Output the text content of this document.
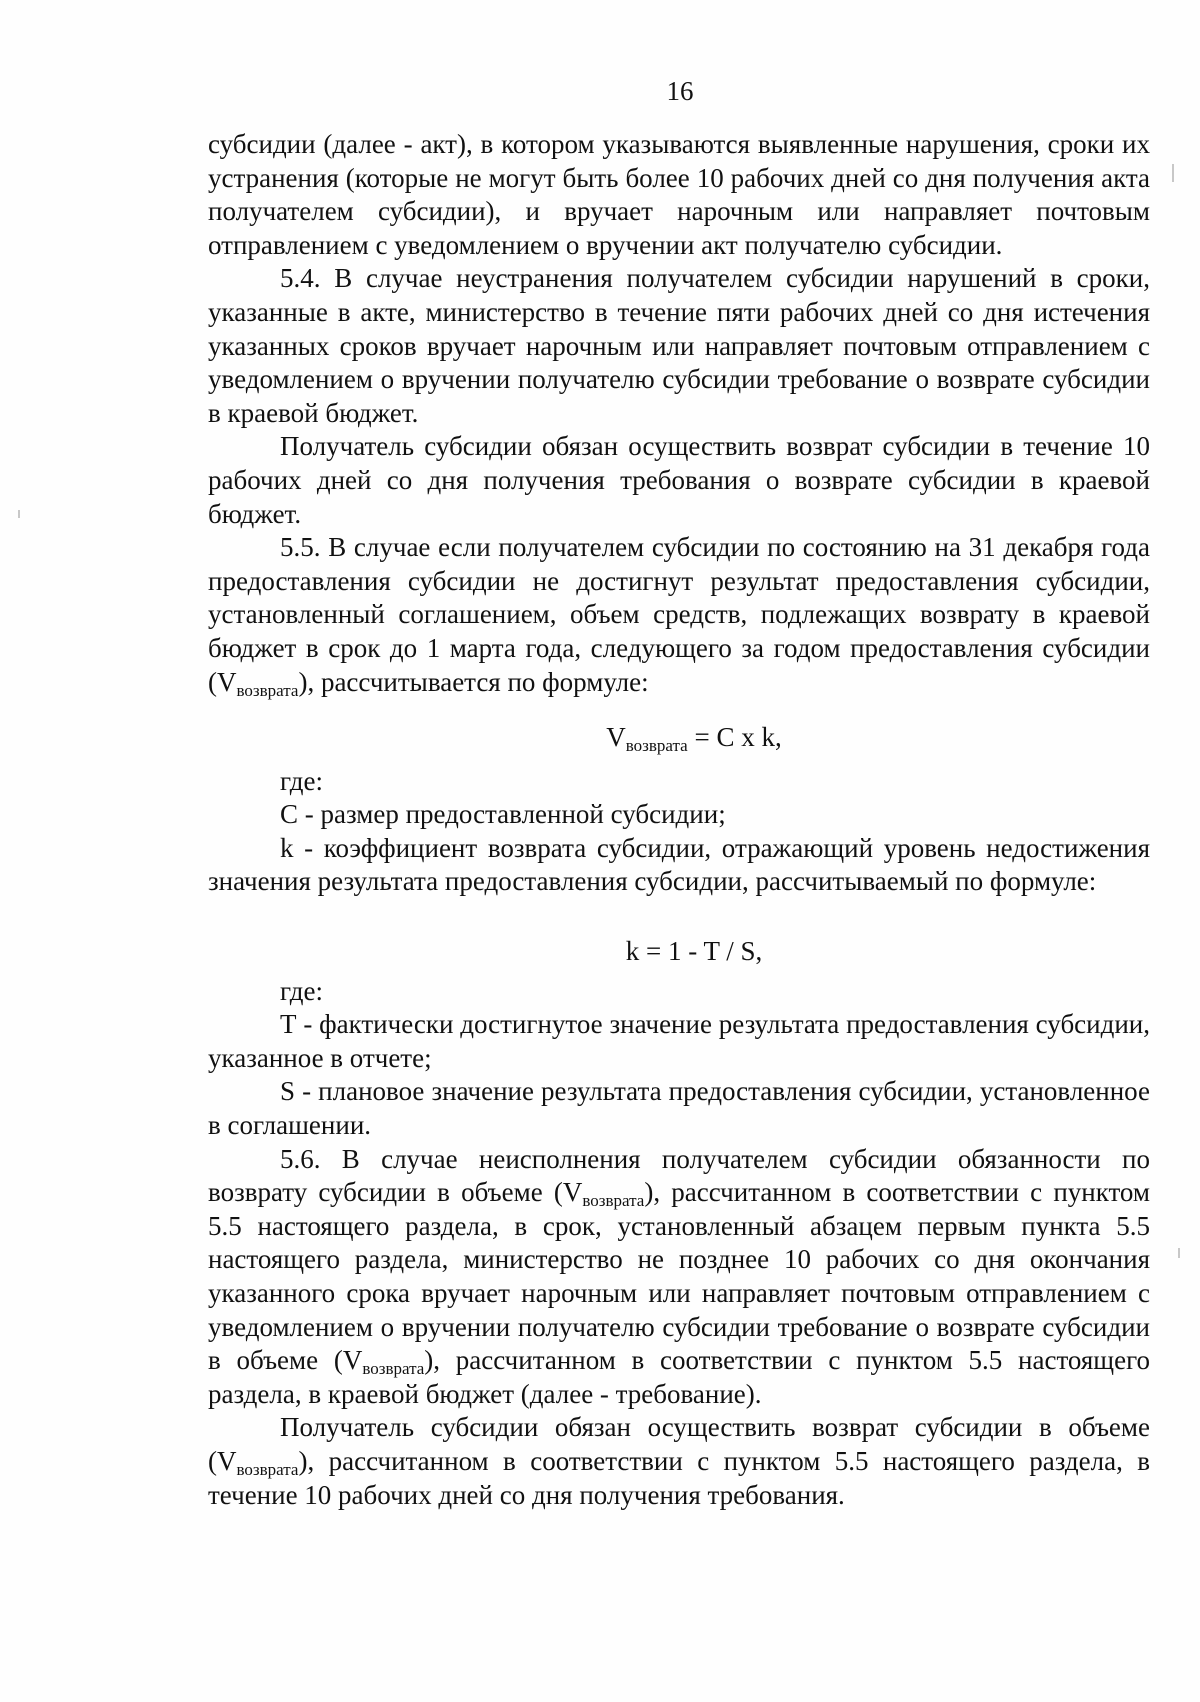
16

субсидии (далее - акт), в котором указываются выявленные нарушения, сроки их устранения (которые не могут быть более 10 рабочих дней со дня получения акта получателем субсидии), и вручает нарочным или направляет почтовым отправлением с уведомлением о вручении акт получателю субсидии.

5.4. В случае неустранения получателем субсидии нарушений в сроки, указанные в акте, министерство в течение пяти рабочих дней со дня истечения указанных сроков вручает нарочным или направляет почтовым отправлением с уведомлением о вручении получателю субсидии требование о возврате субсидии в краевой бюджет.

Получатель субсидии обязан осуществить возврат субсидии в течение 10 рабочих дней со дня получения требования о возврате субсидии в краевой бюджет.

5.5. В случае если получателем субсидии по состоянию на 31 декабря года предоставления субсидии не достигнут результат предоставления субсидии, установленный соглашением, объем средств, подлежащих возврату в краевой бюджет в срок до 1 марта года, следующего за годом предоставления субсидии $(V_{возврата})$, рассчитывается по формуле:

$V_{возврата} = С$ x k,

где:

С - размер предоставленной субсидии;

k - коэффициент возврата субсидии, отражающий уровень недостижения значения результата предоставления субсидии, рассчитываемый по формуле:

k = 1 - T / S,

где:

Т - фактически достигнутое значение результата предоставления субсидии, указанное в отчете;

S - плановое значение результата предоставления субсидии, установленное в соглашении.

5.6. В случае неисполнения получателем субсидии обязанности по возврату субсидии в объеме $(V_{возврата})$, рассчитанном в соответствии с пунктом 5.5 настоящего раздела, в срок, установленный абзацем первым пункта 5.5 настоящего раздела, министерство не позднее 10 рабочих со дня окончания указанного срока вручает нарочным или направляет почтовым отправлением с уведомлением о вручении получателю субсидии требование о возврате субсидии в объеме $(V_{возврата})$, рассчитанном в соответствии с пунктом 5.5 настоящего раздела, в краевой бюджет (далее - требование).

Получатель субсидии обязан осуществить возврат субсидии в объеме $(V_{возврата})$, рассчитанном в соответствии с пунктом 5.5 настоящего раздела, в течение 10 рабочих дней со дня получения требования.
